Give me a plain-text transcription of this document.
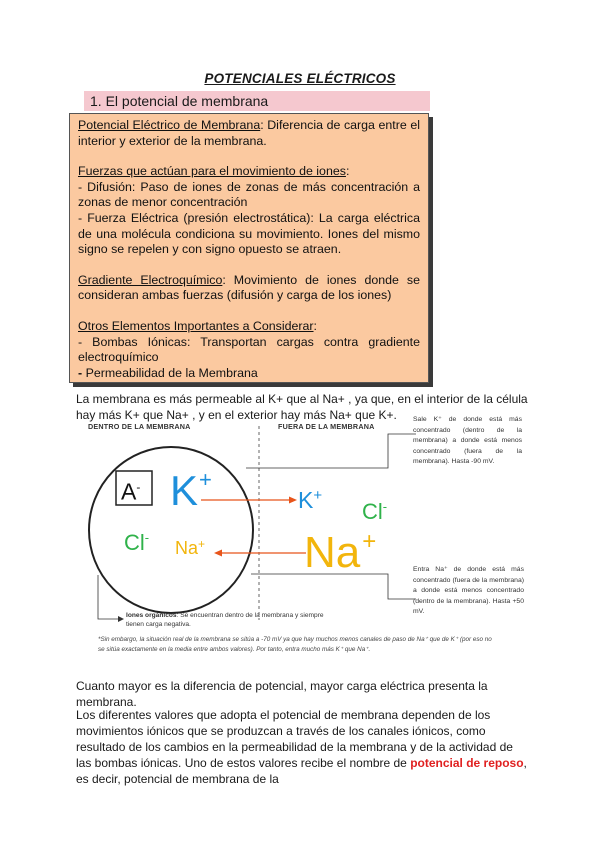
POTENCIALES ELÉCTRICOS
1. El potencial de membrana

Potencial Eléctrico de Membrana: Diferencia de carga entre el interior y exterior de la membrana.

Fuerzas que actúan para el movimiento de iones:

- Difusión: Paso de iones de zonas de más concentración a zonas de menor concentración

- Fuerza Eléctrica (presión electrostática): La carga eléctrica de una molécula condiciona su movimiento. Iones del mismo signo se repelen y con signo opuesto se atraen.

Gradiente Electroquímico: Movimiento de iones donde se consideran ambas fuerzas (difusión y carga de los iones)

Otros Elementos Importantes a Considerar:

- Bombas Iónicas: Transportan cargas contra gradiente electroquímico

- Permeabilidad de la Membrana

La membrana es más permeable al K+ que al Na+ , ya que, en el interior de la célula hay más K+ que Na+ , y en el exterior hay más Na+ que K+.
DENTRO DE LA MEMBRANA	FUERA DE LA MEMBRANA
A- K+
K+
Cl-
Cl-
Na+ Na+
Sale K⁺ de donde está más concentrado (dentro de la membrana) a donde está menos concentrado (fuera de la membrana). Hasta -90 mV.
Entra Na⁺ de donde está más concentrado (fuera de la membrana) a donde está menos concentrado (dentro de la membrana). Hasta +50 mV.
Iones orgánicos: Se encuentran dentro de la membrana y siempre tienen carga negativa.
*Sin embargo, la situación real de la membrana se sitúa a -70 mV ya que hay muchos menos canales de paso de Na⁺ que de K⁺ (por eso no se sitúa exactamente en la media entre ambos valores). Por tanto, entra mucho más K⁺ que Na⁺.
Cuanto mayor es la diferencia de potencial, mayor carga eléctrica presenta la membrana.
Los diferentes valores que adopta el potencial de membrana dependen de los movimientos iónicos que se produzcan a través de los canales iónicos, como resultado de los cambios en la permeabilidad de la membrana y de la actividad de las bombas iónicas. Uno de estos valores recibe el nombre de potencial de reposo, es decir, potencial de membrana de la
